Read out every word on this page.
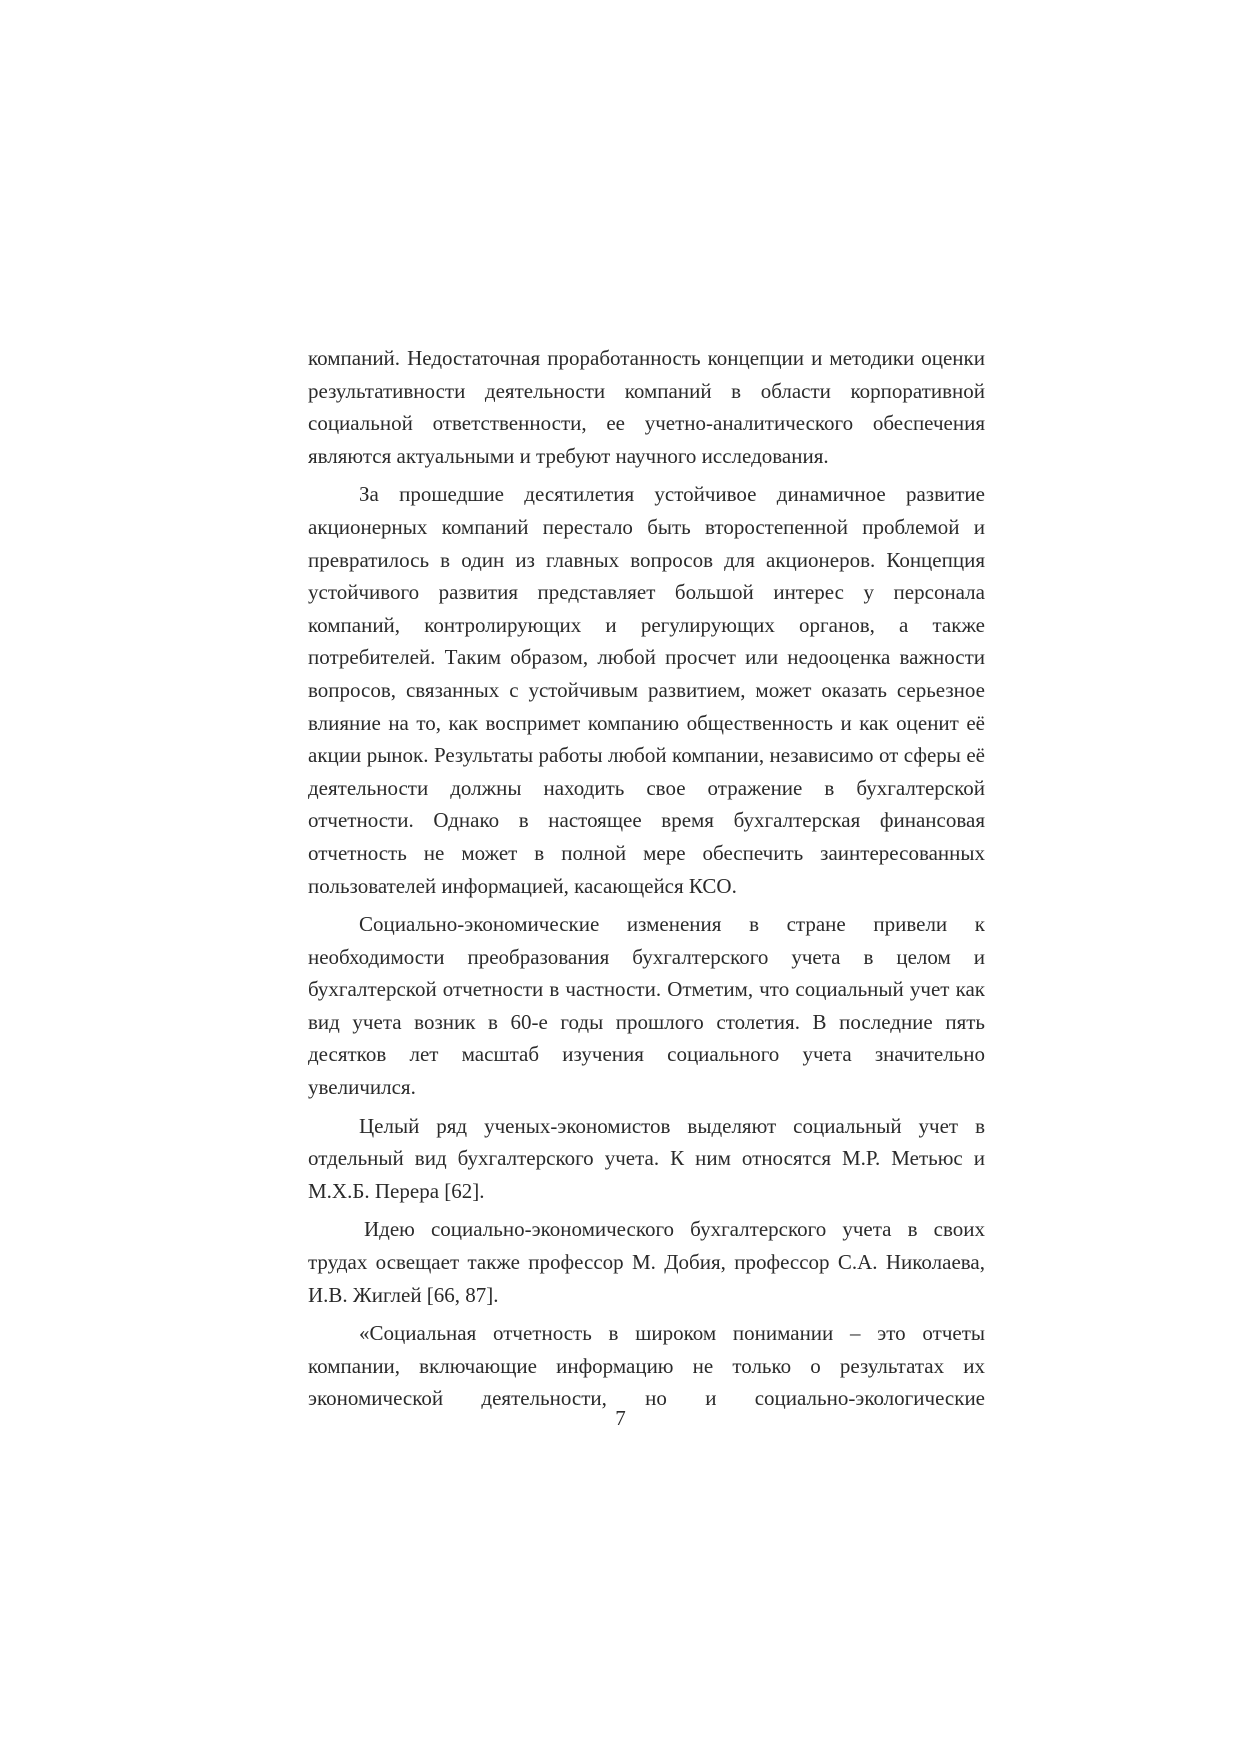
компаний. Недостаточная проработанность концепции и методики оценки результативности деятельности компаний в области корпоративной социальной ответственности, ее учетно-аналитического обеспечения являются актуальными и требуют научного исследования.

За прошедшие десятилетия устойчивое динамичное развитие акционерных компаний перестало быть второстепенной проблемой и превратилось в один из главных вопросов для акционеров. Концепция устойчивого развития представляет большой интерес у персонала компаний, контролирующих и регулирующих органов, а также потребителей. Таким образом, любой просчет или недооценка важности вопросов, связанных с устойчивым развитием, может оказать серьезное влияние на то, как воспримет компанию общественность и как оценит её акции рынок. Результаты работы любой компании, независимо от сферы её деятельности должны находить свое отражение в бухгалтерской отчетности. Однако в настоящее время бухгалтерская финансовая отчетность не может в полной мере обеспечить заинтересованных пользователей информацией, касающейся КСО.

Социально-экономические изменения в стране привели к необходимости преобразования бухгалтерского учета в целом и бухгалтерской отчетности в частности. Отметим, что социальный учет как вид учета возник в 60-е годы прошлого столетия. В последние пять десятков лет масштаб изучения социального учета значительно увеличился.

Целый ряд ученых-экономистов выделяют социальный учет в отдельный вид бухгалтерского учета. К ним относятся М.Р. Метьюс и М.Х.Б. Перера [62].

Идею социально-экономического бухгалтерского учета в своих трудах освещает также профессор М. Добия, профессор С.А. Николаева, И.В. Жиглей [66, 87].

«Социальная отчетность в широком понимании – это отчеты компании, включающие информацию не только о результатах их экономической деятельности, но и социально-экологические

7
